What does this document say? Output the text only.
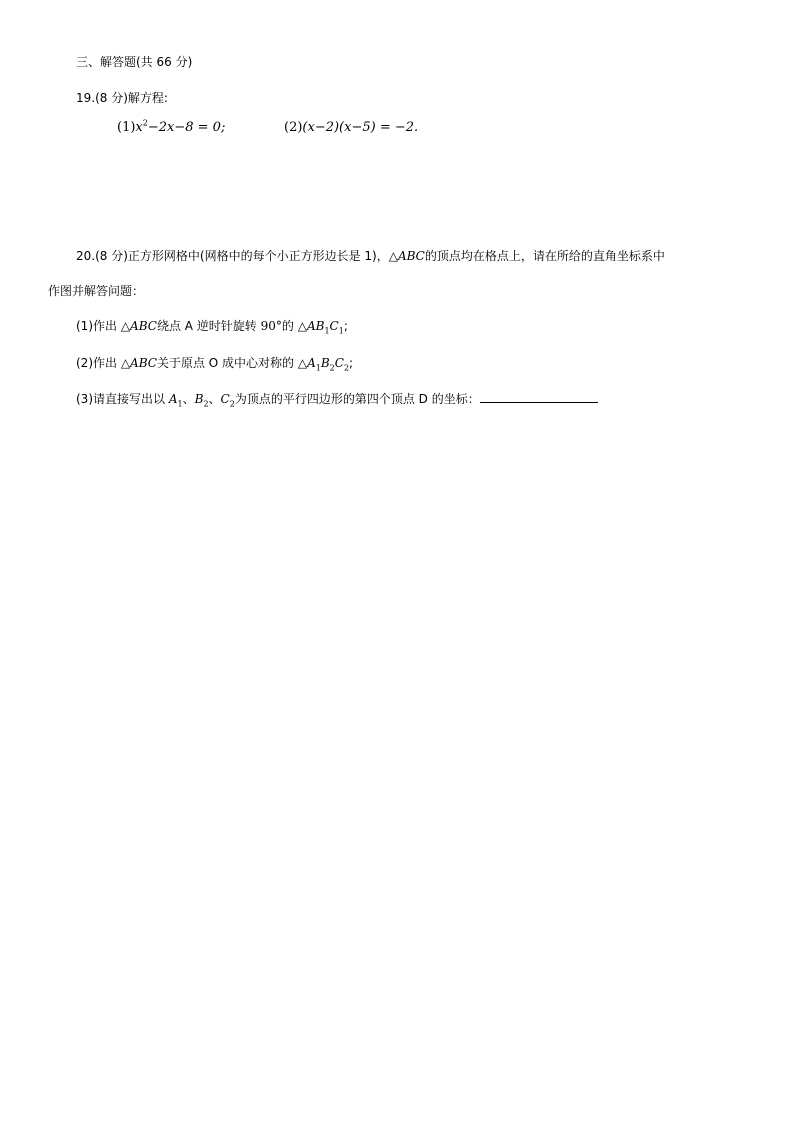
三、解答题(共 66 分)
19.(8 分)解方程:
$(1)x^2-2x-8 = 0$;	(2)(x−2)(x−5) = −2.
20.(8 分)正方形网格中(网格中的每个小正方形边长是 1)，△ABC的顶点均在格点上，请在所给的直角坐标系中
作图并解答问题：
(1)作出 △ABC绕点 A 逆时针旋转 90°的 $\triangle AB_1C_1$;
(2)作出 △ABC关于原点 O 成中心对称的 $\triangle A_1B_2C_2$;
(3)请直接写出以 $A_1$、$B_2$、$C_2$为顶点的平行四边形的第四个顶点 D 的坐标：
